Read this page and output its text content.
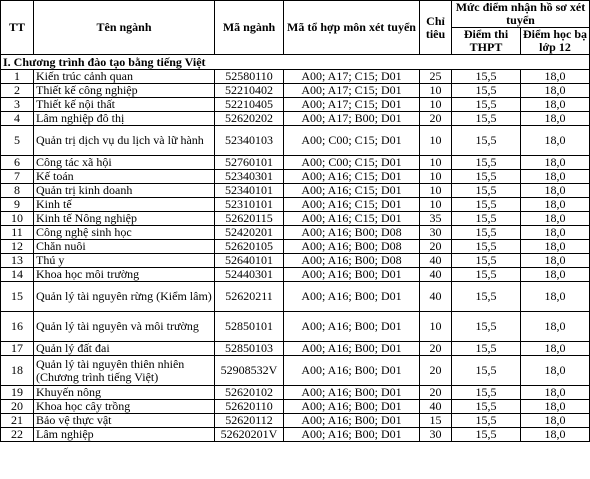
TT	Tên ngành	Mã ngành	Mã tổ hợp môn xét tuyển	Chỉ tiêu	Mức điểm nhận hồ sơ xét tuyển	
					Điểm thi THPT	Điểm học bạ lớp 12
I. Chương trình đào tạo bằng tiếng Việt						
1	Kiến trúc cảnh quan	52580110	A00; A17; C15; D01	25	15,5	18,0
2	Thiết kế công nghiệp	52210402	A00; A17; C15; D01	10	15,5	18,0
3	Thiết kế nội thất	52210405	A00; A17; C15; D01	10	15,5	18,0
4	Lâm nghiệp đô thị	52620202	A00; A17; B00; D01	20	15,5	18,0
5	Quản trị dịch vụ du lịch và lữ hành	52340103	A00; C00; C15; D01	10	15,5	18,0
6	Công tác xã hội	52760101	A00; C00; C15; D01	10	15,5	18,0
7	Kế toán	52340301	A00; A16; C15; D01	10	15,5	18,0
8	Quản trị kinh doanh	52340101	A00; A16; C15; D01	10	15,5	18,0
9	Kinh tế	52310101	A00; A16; C15; D01	10	15,5	18,0
10	Kinh tế Nông nghiệp	52620115	A00; A16; C15; D01	35	15,5	18,0
11	Công nghệ sinh học	52420201	A00; A16; B00; D08	30	15,5	18,0
12	Chăn nuôi	52620105	A00; A16; B00; D08	20	15,5	18,0
13	Thú y	52640101	A00; A16; B00; D08	40	15,5	18,0
14	Khoa học môi trường	52440301	A00; A16; B00; D01	40	15,5	18,0
15	Quản lý tài nguyên rừng (Kiểm lâm)	52620211	A00; A16; B00; D01	40	15,5	18,0
16	Quản lý tài nguyên và môi trường	52850101	A00; A16; B00; D01	10	15,5	18,0
17	Quản lý đất đai	52850103	A00; A16; B00; D01	20	15,5	18,0
18	Quản lý tài nguyên thiên nhiên (Chương trình tiếng Việt)	52908532V	A00; A16; B00; D01	20	15,5	18,0
19	Khuyến nông	52620102	A00; A16; B00; D01	20	15,5	18,0
20	Khoa học cây trồng	52620110	A00; A16; B00; D01	40	15,5	18,0
21	Bảo vệ thực vật	52620112	A00; A16; B00; D01	15	15,5	18,0
22	Lâm nghiệp	52620201V	A00; A16; B00; D01	30	15,5	18,0
